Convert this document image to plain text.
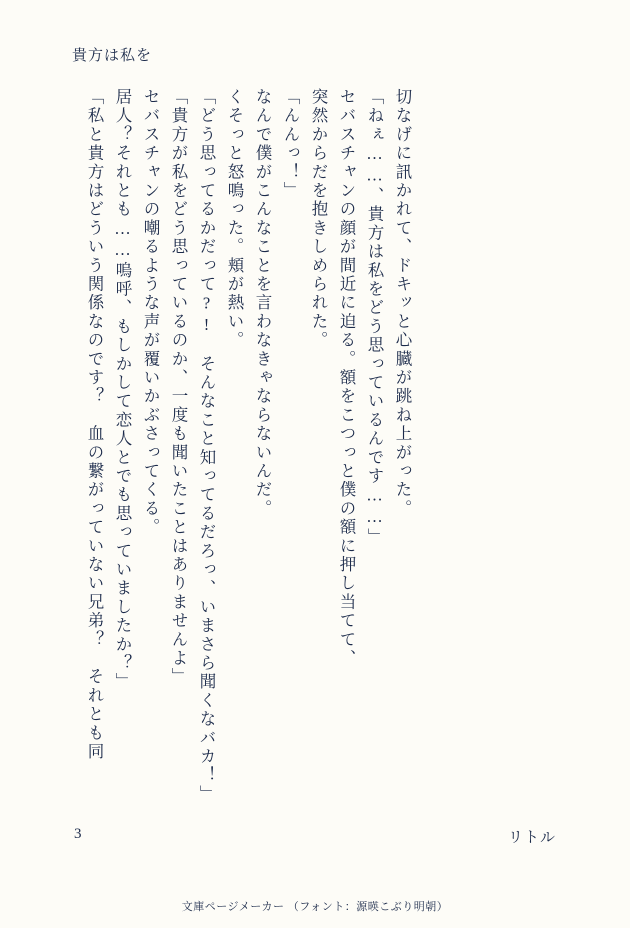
貴方は私を
「私と貴方はどういう関係なのです？　血の繋がっていない兄弟？　それとも同 居人？それとも……嗚呼、もしかして恋人とでも思っていましたか？」 セバスチャンの嘲るような声が覆いかぶさってくる。 「貴方が私をどう思っているのか、一度も聞いたことはありませんよ」 「どう思ってるかだって?!　そんなこと知ってるだろっ、いまさら聞くなバカ！」 くそっと怒鳴った。頬が熱い。 なんで僕がこんなことを言わなきゃならないんだ。 「んんっ！」 突然からだを抱きしめられた。 セバスチャンの顔が間近に迫る。額をこつっと僕の額に押し当てて、 「ねぇ……、貴方は私をどう思っているんです……」 切なげに訊かれて、ドキッと心臓が跳ね上がった。
3	リトル
文庫ページメーカー （フォント：源暎こぶり明朝）
